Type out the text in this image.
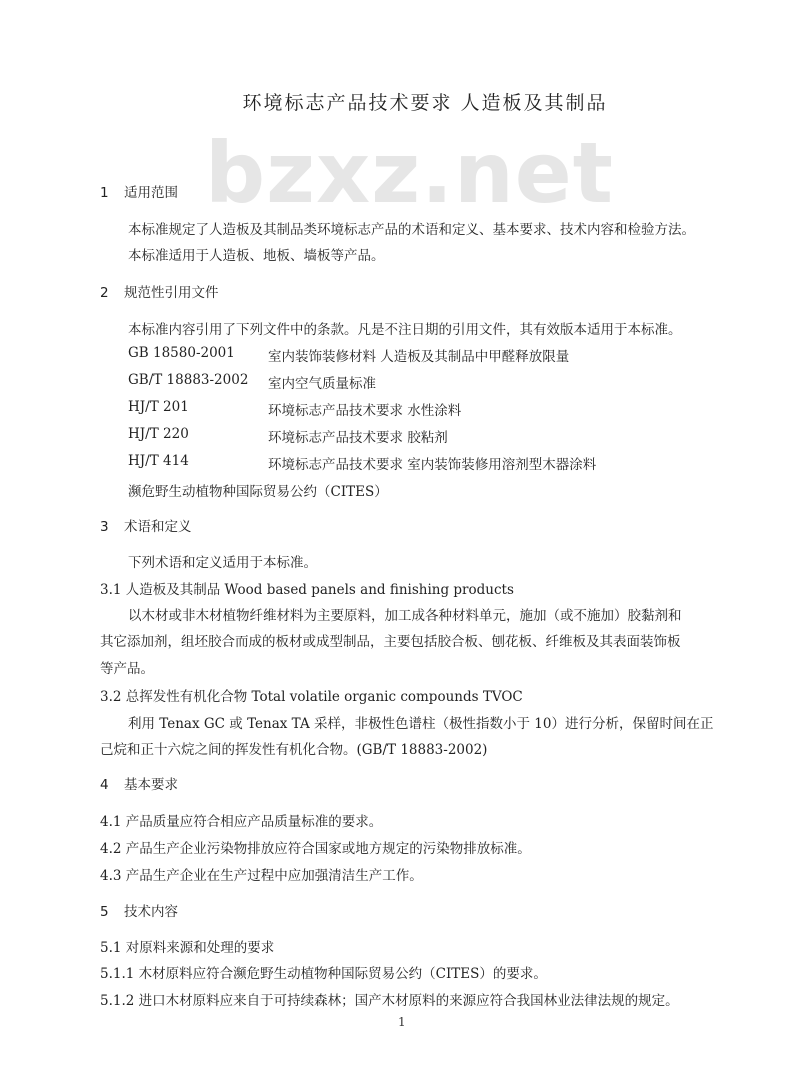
bzxz.net
环境标志产品技术要求 人造板及其制品
1 适用范围
本标准规定了人造板及其制品类环境标志产品的术语和定义、基本要求、技术内容和检验方法。
本标准适用于人造板、地板、墙板等产品。
2 规范性引用文件
本标准内容引用了下列文件中的条款。凡是不注日期的引用文件，其有效版本适用于本标准。
GB 18580-2001 室内装饰装修材料 人造板及其制品中甲醛释放限量
GB/T 18883-2002 室内空气质量标准
HJ/T 201	环境标志产品技术要求 水性涂料
HJ/T 220	环境标志产品技术要求 胶粘剂
HJ/T 414	环境标志产品技术要求 室内装饰装修用溶剂型木器涂料
濒危野生动植物种国际贸易公约（CITES）
3 术语和定义
下列术语和定义适用于本标准。
3.1 人造板及其制品 Wood based panels and finishing products
以木材或非木材植物纤维材料为主要原料，加工成各种材料单元，施加（或不施加）胶黏剂和
其它添加剂，组坯胶合而成的板材或成型制品，主要包括胶合板、刨花板、纤维板及其表面装饰板
等产品。
3.2 总挥发性有机化合物 Total volatile organic compounds TVOC
利用 Tenax GC 或 Tenax TA 采样，非极性色谱柱（极性指数小于 10）进行分析，保留时间在正
己烷和正十六烷之间的挥发性有机化合物。(GB/T 18883-2002)
4 基本要求
4.1 产品质量应符合相应产品质量标准的要求。
4.2 产品生产企业污染物排放应符合国家或地方规定的污染物排放标准。
4.3 产品生产企业在生产过程中应加强清洁生产工作。
5 技术内容
5.1 对原料来源和处理的要求
5.1.1 木材原料应符合濒危野生动植物种国际贸易公约（CITES）的要求。
5.1.2 进口木材原料应来自于可持续森林；国产木材原料的来源应符合我国林业法律法规的规定。
1
